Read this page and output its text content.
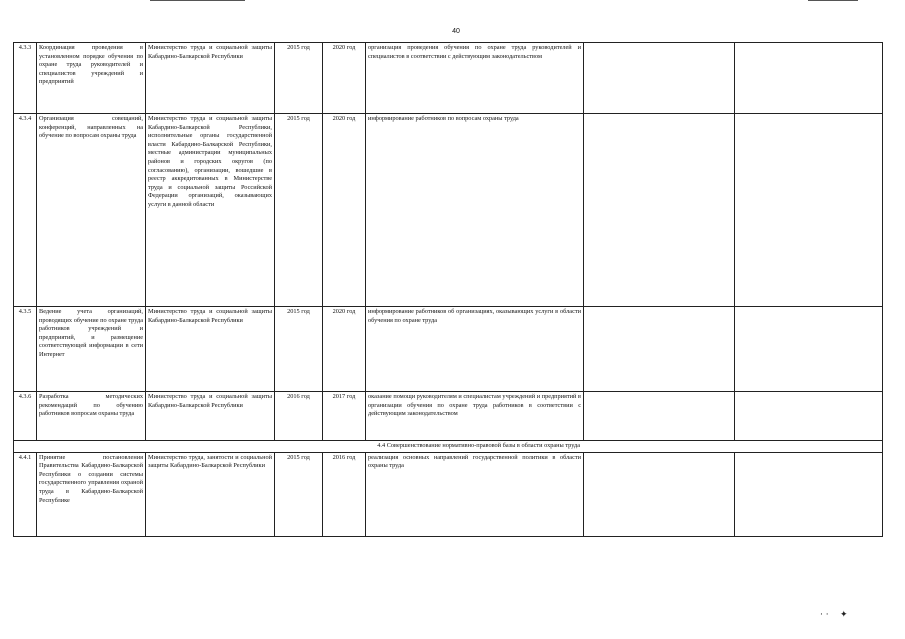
40
4.3.3	Координация проведения в установленном порядке обучения по охране труда руководителей и специалистов учреждений и предприятий	Министерство труда и социальной защиты Кабардино-Балкарской Республики	2015 год	2020 год	организация проведения обучения по охране труда руководителей и специалистов в соответствии с действующим законодательством		
4.3.4	Организация совещаний, конференций, направленных на обучение по вопросам охраны труда	Министерство труда и социальной защиты Кабардино-Балкарской Республики, исполнительные органы государственной власти Кабардино-Балкарской Республики, местные администрации муниципальных районов и городских округов (по согласованию), организации, вошедшие в реестр аккредитованных в Министерстве труда и социальной защиты Российской Федерации организаций, оказывающих услуги в данной области	2015 год	2020 год	информирование работников по вопросам охраны труда		
4.3.5	Ведение учета организаций, проводящих обучение по охране труда работников учреждений и предприятий, и размещение соответствующей информации в сети Интернет	Министерство труда и социальной защиты Кабардино-Балкарской Республики	2015 год	2020 год	информирование работников об организациях, оказывающих услуги в области обучения по охране труда		
4.3.6	Разработка методических рекомендаций по обучению работников вопросам охраны труда	Министерство труда и социальной защиты Кабардино-Балкарской Республики	2016 год	2017 год	оказание помощи руководителям и специалистам учреждений и предприятий в организации обучения по охране труда работников в соответствии с действующим законодательством		
4.4 Совершенствование нормативно-правовой базы в области охраны труда							
4.4.1	Принятие постановления Правительства Кабардино-Балкарской Республики о создании системы государственного управления охраной труда в Кабардино-Балкарской Республике	Министерство труда, занятости и социальной защиты Кабардино-Балкарской Республики	2015 год	2016 год	реализация основных направлений государственной политики в области охраны труда		
· ·    ✦
